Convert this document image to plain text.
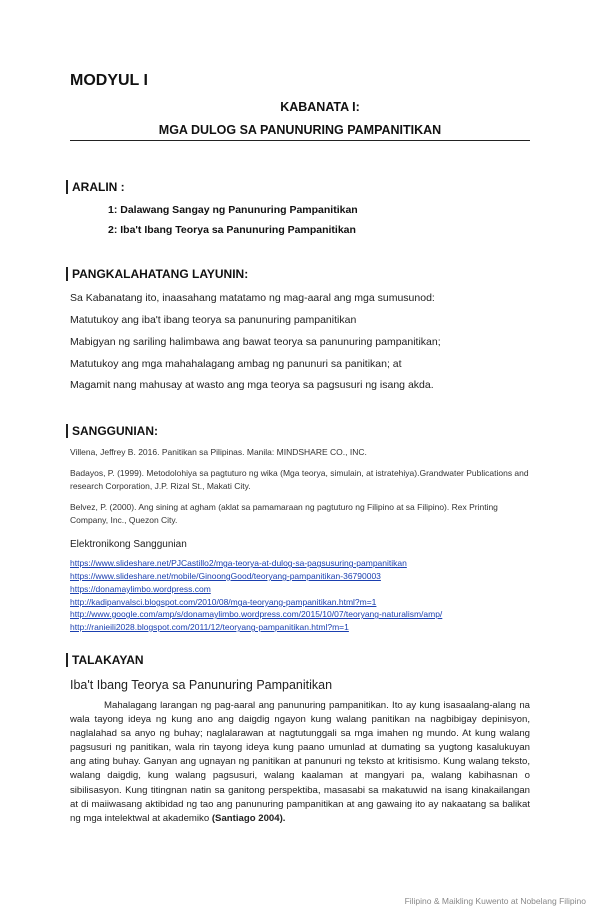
MODYUL I
KABANATA I:
MGA DULOG SA PANUNURING PAMPANITIKAN
ARALIN :
1: Dalawang Sangay ng Panunuring Pampanitikan
2: Iba't Ibang Teorya sa Panunuring Pampanitikan
PANGKALAHATANG LAYUNIN:
Sa Kabanatang ito, inaasahang matatamo ng mag-aaral ang mga sumusunod:
Matutukoy ang iba't ibang teorya sa panunuring pampanitikan
Mabigyan ng sariling halimbawa ang bawat teorya sa panunuring pampanitikan;
Matutukoy ang mga mahahalagang ambag ng panunuri sa panitikan; at
Magamit nang mahusay at wasto ang mga teorya sa pagsusuri ng isang akda.
SANGGUNIAN:
Villena, Jeffrey B. 2016. Panitikan sa Pilipinas. Manila: MINDSHARE CO., INC.
Badayos, P. (1999). Metodolohiya sa pagtuturo ng wika (Mga teorya, simulain, at istratehiya).Grandwater Publications and research Corporation, J.P. Rizal St., Makati City.
Belvez, P. (2000). Ang sining at agham (aklat sa pamamaraan ng pagtuturo ng Filipino at sa Filipino). Rex Printing Company, Inc., Quezon City.
Elektronikong Sanggunian
https://www.slideshare.net/PJCastillo2/mga-teorya-at-dulog-sa-pagsusuring-pampanitikan
https://www.slideshare.net/mobile/GinoongGood/teoryang-pampanitikan-36790003
https://donamaylimbo.wordpress.com
http://kadipanvalsci.blogspot.com/2010/08/mga-teoryang-pampanitikan.html?m=1
http://www.google.com/amp/s/donamaylimbo.wordpress.com/2015/10/07/teoryang-naturalism/amp/
http://ranieili2028.blogspot.com/2011/12/teoryang-pampanitikan.html?m=1
TALAKAYAN
Iba't Ibang Teorya sa Panunuring Pampanitikan
Mahalagang larangan ng pag-aaral ang panunuring pampanitikan. Ito ay kung isasaalang-alang na wala tayong ideya ng kung ano ang daigdig ngayon kung walang panitikan na nagbibigay depinisyon, naglalahad sa anyo ng buhay; naglalarawan at nagtutunggali sa mga imahen ng mundo. At kung walang pagsusuri ng panitikan, wala rin tayong ideya kung paano umunlad at dumating sa yugtong kasalukuyan ang ating buhay. Ganyan ang ugnayan ng panitikan at panunuri ng teksto at kritisismo. Kung walang teksto, walang daigdig, kung walang pagsusuri, walang kaalaman at mangyari pa, walang kabihasnan o sibilisasyon. Kung titingnan natin sa ganitong perspektiba, masasabi sa makatuwid na isang kinakailangan at di maiiwasang aktibidad ng tao ang panunuring pampanitikan at ang gawaing ito ay nakaatang sa balikat ng mga intelektwal at akademiko (Santiago 2004).
Filipino & Maikling Kuwento at Nobelang Filipino
